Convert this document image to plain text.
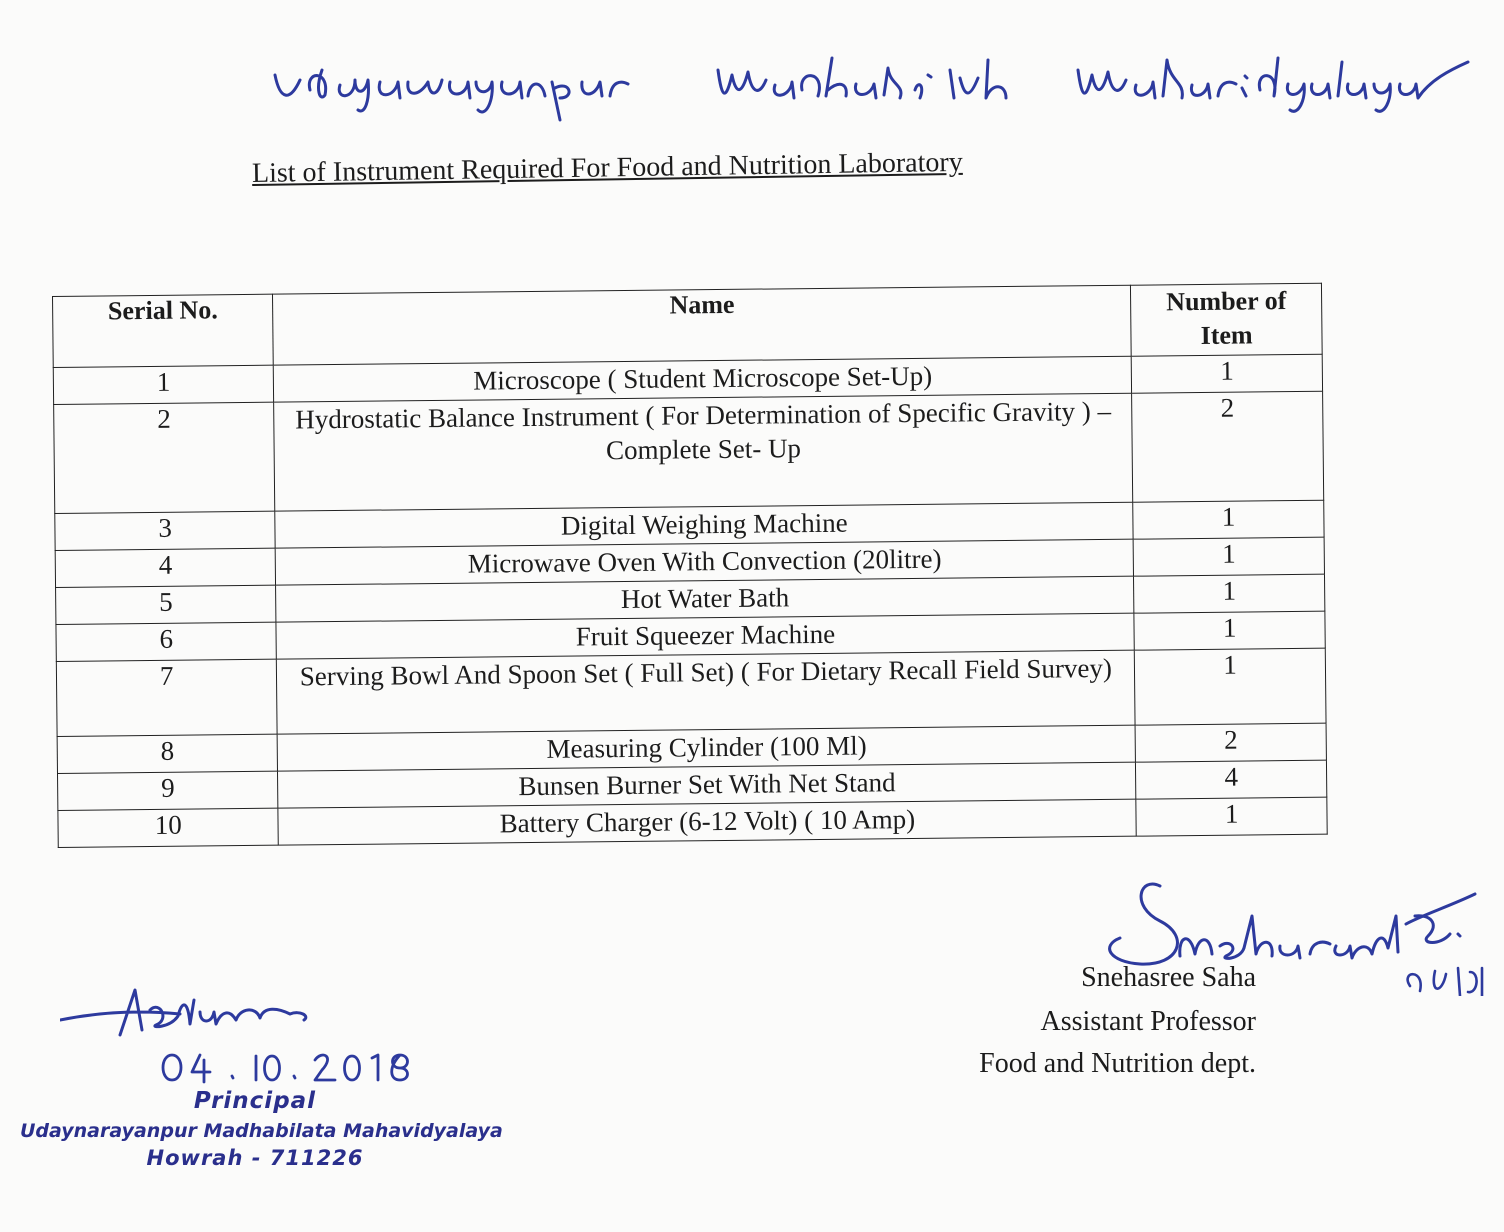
List of Instrument Required For Food and Nutrition Laboratory
Serial No.	Name	Number of Item
1	Microscope ( Student Microscope Set-Up)	1
2	Hydrostatic Balance Instrument ( For Determination of Specific Gravity ) – Complete Set- Up	2
3	Digital Weighing Machine	1
4	Microwave Oven With Convection (20litre)	1
5	Hot Water Bath	1
6	Fruit Squeezer Machine	1
7	Serving Bowl And Spoon Set ( Full Set) ( For Dietary Recall Field Survey)	1
8	Measuring Cylinder (100 Ml)	2
9	Bunsen Burner Set With Net Stand	4
10	Battery Charger (6-12 Volt) ( 10 Amp)	1
Snehasree Saha
Assistant Professor
Food and Nutrition dept.
Principal
Udaynarayanpur Madhabilata Mahavidyalaya
Howrah - 711226
